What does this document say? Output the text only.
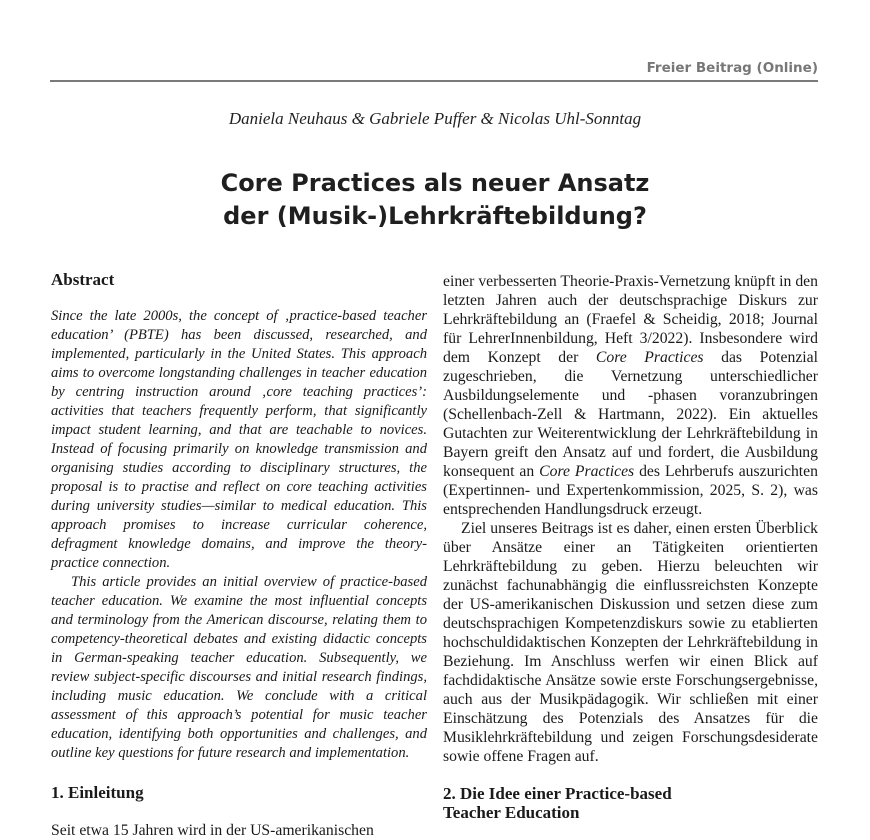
Freier Beitrag (Online)
Daniela Neuhaus & Gabriele Puffer & Nicolas Uhl-Sonntag
Core Practices als neuer Ansatz
der (Musik-)Lehrkräftebildung?
Abstract

Since the late 2000s, the concept of ‚practice-based teacher education’ (PBTE) has been discussed, researched, and implemented, particularly in the United States. This approach aims to overcome longstanding challenges in teacher education by centring instruction around ‚core teaching practices’: activities that teachers frequently perform, that significantly impact student learning, and that are teachable to novices. Instead of focusing primarily on knowledge transmission and organising studies according to disciplinary structures, the proposal is to practise and reflect on core teaching activities during university studies—similar to medical education. This approach promises to increase curricular coherence, defragment knowledge domains, and improve the theory-practice connection.

This article provides an initial overview of practice-based teacher education. We examine the most influential concepts and terminology from the American discourse, relating them to competency-theoretical debates and existing didactic concepts in German-speaking teacher education. Subsequently, we review subject-specific discourses and initial research findings, including music education. We conclude with a critical assessment of this approach’s potential for music teacher education, identifying both opportunities and challenges, and outline key questions for future research and implementation.

1. Einleitung

Seit etwa 15 Jahren wird in der US-amerikanischen

einer verbesserten Theorie-Praxis-Vernetzung knüpft in den letzten Jahren auch der deutschsprachige Diskurs zur Lehrkräftebildung an (Fraefel & Scheidig, 2018; Journal für LehrerInnenbildung, Heft 3/2022). Insbesondere wird dem Konzept der Core Practices das Potenzial zugeschrieben, die Vernetzung unterschiedlicher Ausbildungselemente und -phasen voranzubringen (Schellenbach-Zell & Hartmann, 2022). Ein aktuelles Gutachten zur Weiterentwicklung der Lehrkräftebildung in Bayern greift den Ansatz auf und fordert, die Ausbildung konsequent an Core Practices des Lehrberufs auszurichten (Expertinnen- und Expertenkommission, 2025, S. 2), was entsprechenden Handlungsdruck erzeugt.

Ziel unseres Beitrags ist es daher, einen ersten Überblick über Ansätze einer an Tätigkeiten orientierten Lehrkräftebildung zu geben. Hierzu beleuchten wir zunächst fachunabhängig die einflussreichsten Konzepte der US-amerikanischen Diskussion und setzen diese zum deutschsprachigen Kompetenzdiskurs sowie zu etablierten hochschuldidaktischen Konzepten der Lehrkräftebildung in Beziehung. Im Anschluss werfen wir einen Blick auf fachdidaktische Ansätze sowie erste Forschungsergebnisse, auch aus der Musikpädagogik. Wir schließen mit einer Einschätzung des Potenzials des Ansatzes für die Musiklehrkräftebildung und zeigen Forschungsdesiderate sowie offene Fragen auf.

2. Die Idee einer Practice-based
Teacher Education
